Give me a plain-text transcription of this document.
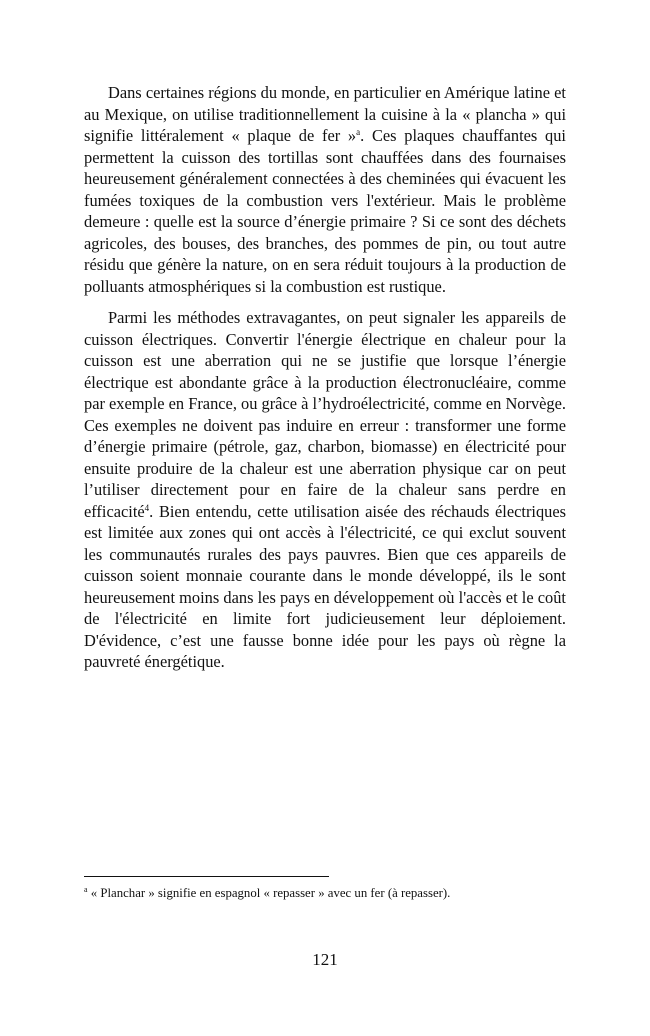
Dans certaines régions du monde, en particulier en Amérique latine et au Mexique, on utilise traditionnellement la cuisine à la « plancha » qui signifie littéralement « plaque de fer »$^a$. Ces plaques chauffantes qui permettent la cuisson des tortillas sont chauffées dans des fournaises heureusement généralement connectées à des cheminées qui évacuent les fumées toxiques de la combustion vers l'extérieur. Mais le problème demeure : quelle est la source d’énergie primaire ? Si ce sont des déchets agricoles, des bouses, des branches, des pommes de pin, ou tout autre résidu que génère la nature, on en sera réduit toujours à la production de polluants atmosphériques si la combustion est rustique.

Parmi les méthodes extravagantes, on peut signaler les appareils de cuisson électriques. Convertir l'énergie électrique en chaleur pour la cuisson est une aberration qui ne se justifie que lorsque l’énergie électrique est abondante grâce à la production électronucléaire, comme par exemple en France, ou grâce à l’hydroélectricité, comme en Norvège. Ces exemples ne doivent pas induire en erreur : transformer une forme d’énergie primaire (pétrole, gaz, charbon, biomasse) en électricité pour ensuite produire de la chaleur est une aberration physique car on peut l’utiliser directement pour en faire de la chaleur sans perdre en efficacité$^4$. Bien entendu, cette utilisation aisée des réchauds électriques est limitée aux zones qui ont accès à l'électricité, ce qui exclut souvent les communautés rurales des pays pauvres. Bien que ces appareils de cuisson soient monnaie courante dans le monde développé, ils le sont heureusement moins dans les pays en développement où l'accès et le coût de l'électricité en limite fort judicieusement leur déploiement. D'évidence, c’est une fausse bonne idée pour les pays où règne la pauvreté énergétique.

$^a$ « Planchar » signifie en espagnol « repasser » avec un fer (à repasser).
121
